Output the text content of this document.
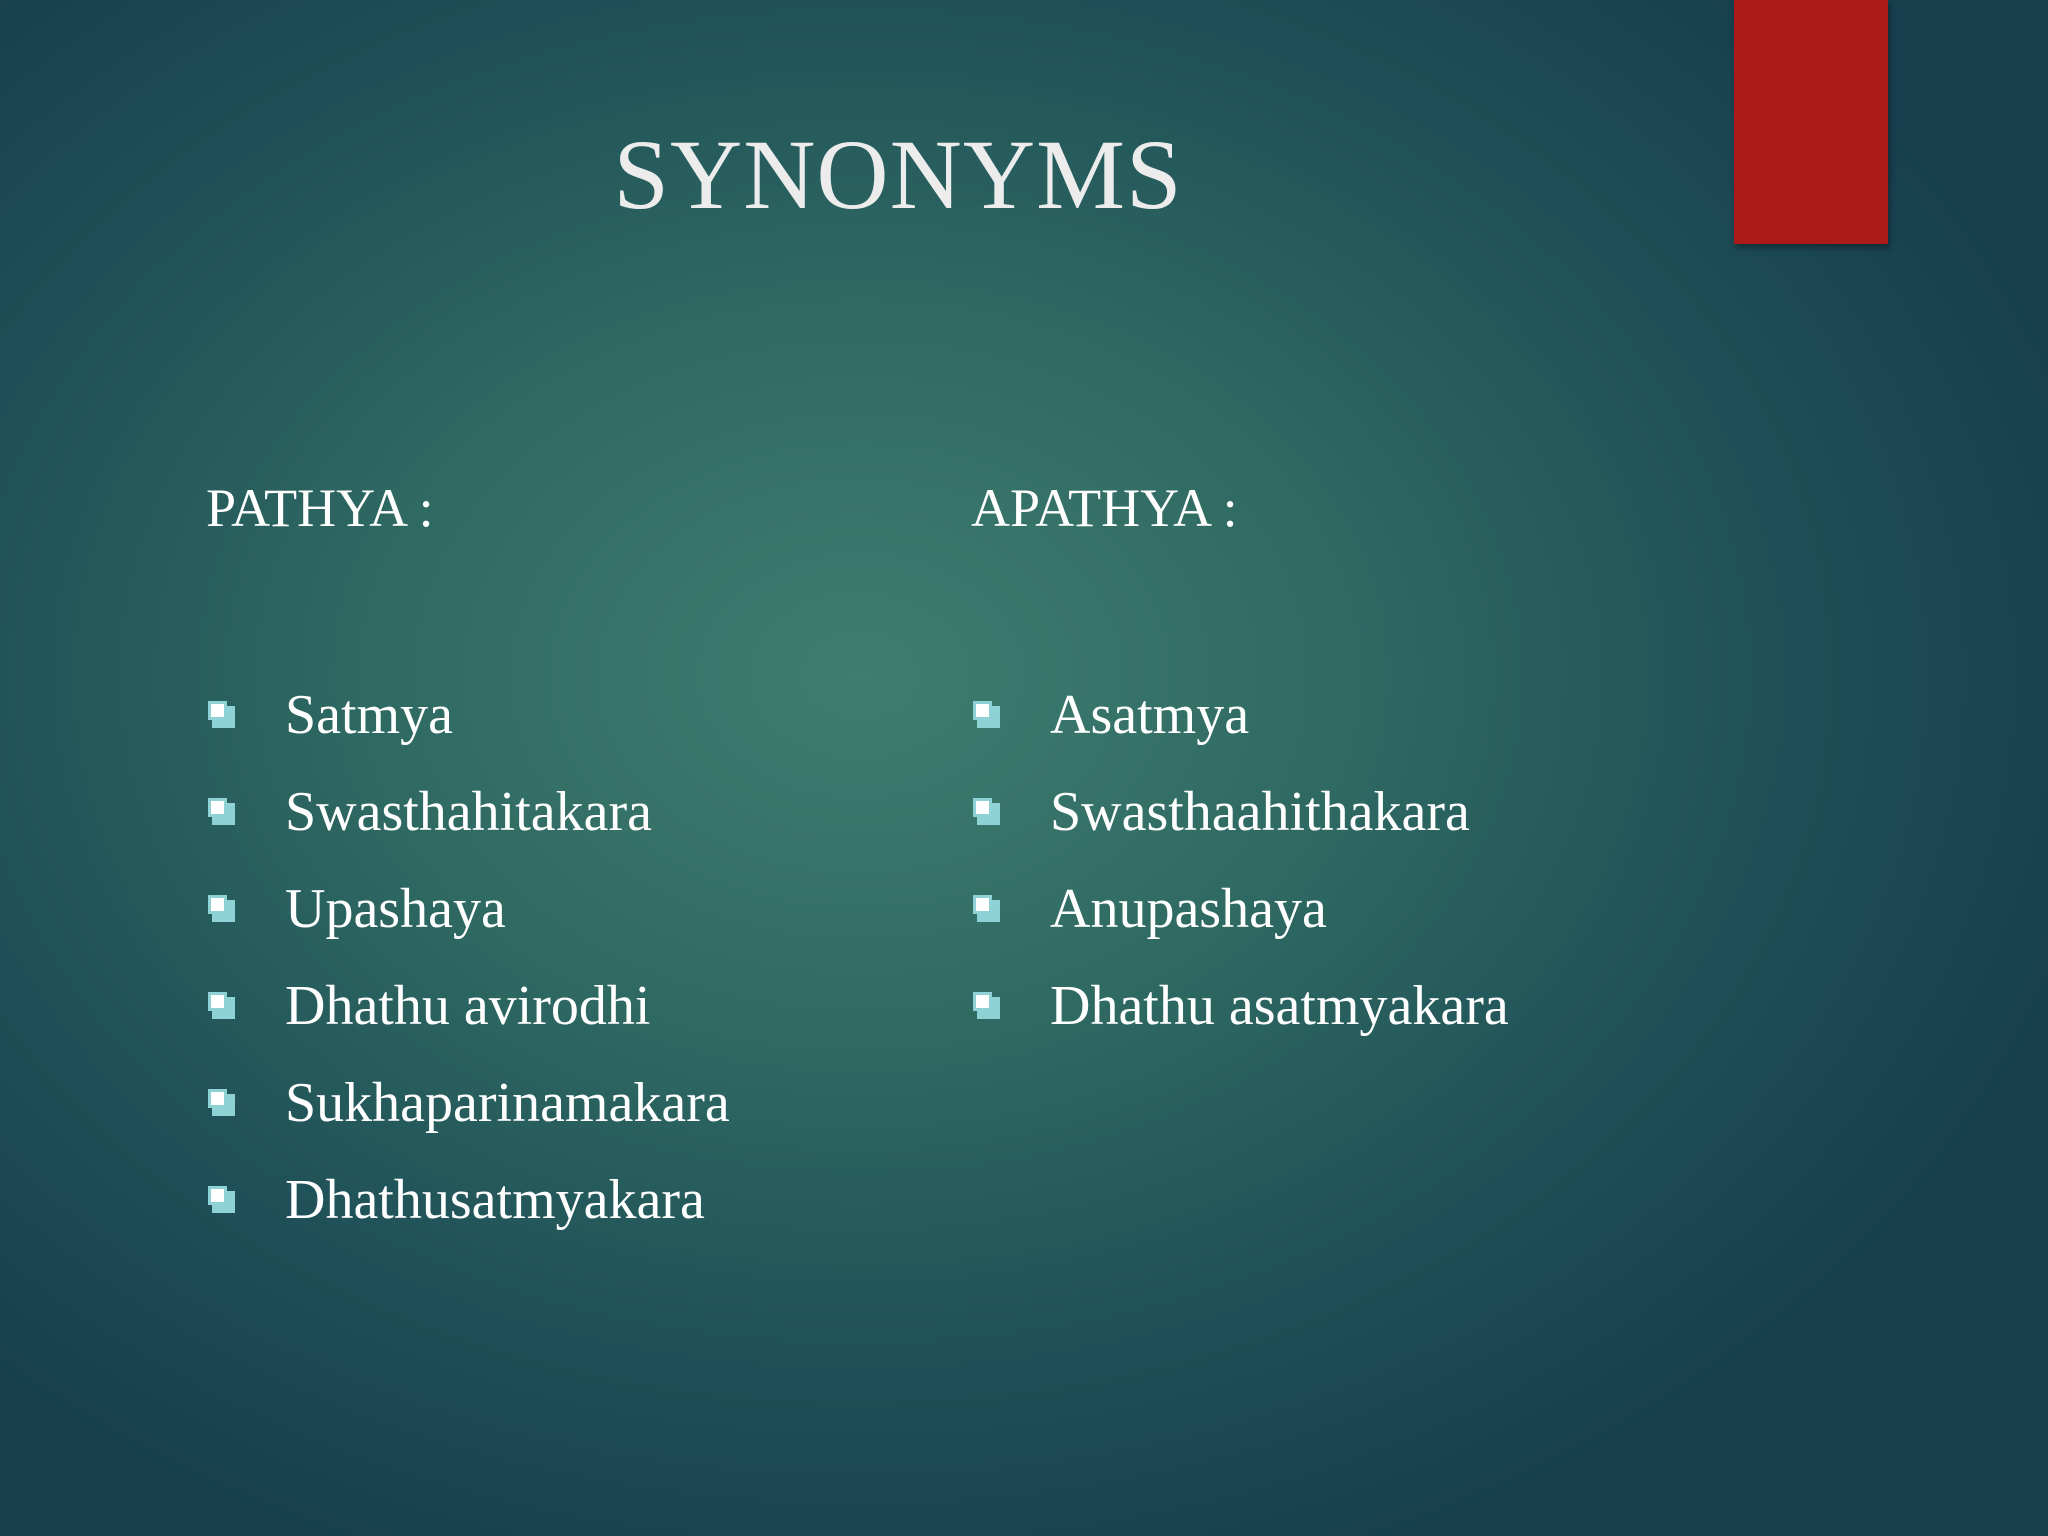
SYNONYMS
PATHYA :	APATHYA :
Satmya
Swasthahitakara
Upashaya
Dhathu avirodhi
Sukhaparinamakara
Dhathusatmyakara
Asatmya
Swasthaahithakara
Anupashaya
Dhathu asatmyakara
